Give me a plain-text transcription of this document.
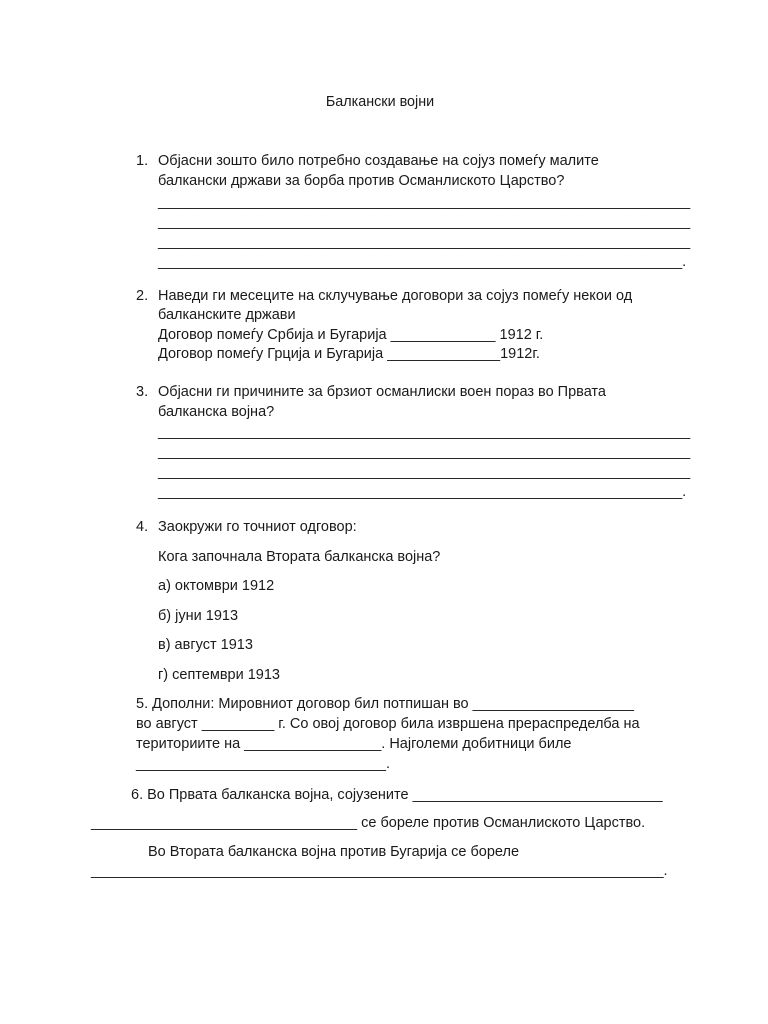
Балкански војни
1. Објасни зошто било потребно создавање на сојуз помеѓу малите
балкански држави за борба против Османлиското Царство?
__________________________________________________________________
__________________________________________________________________
__________________________________________________________________
_________________________________________________________________.
2. Наведи ги месеците на склучување договори за сојуз помеѓу некои од
балканските држави
Договор помеѓу Србија и Бугарија _____________ 1912 г.
Договор помеѓу Грција и Бугарија ______________1912г.
3. Објасни ги причините за брзиот османлиски воен пораз во Првата
балканска војна?
__________________________________________________________________
__________________________________________________________________
__________________________________________________________________
_________________________________________________________________.
4. Заокружи го точниот одговор:
Кога започнала Втората балканска војна?
а) октомври 1912
б) јуни 1913
в) август 1913
г) септември 1913
5. Дополни: Мировниот договор бил потпишан во ____________________
во август _________ г. Со овој договор била извршена прераспределба на
териториите на _________________. Најголеми добитници биле
_______________________________.
6. Во Првата балканска војна, сојузените _______________________________
_________________________________ се бореле против Османлиското Царство.
Во Втората балканска војна против Бугарија се бореле
_______________________________________________________________________.
